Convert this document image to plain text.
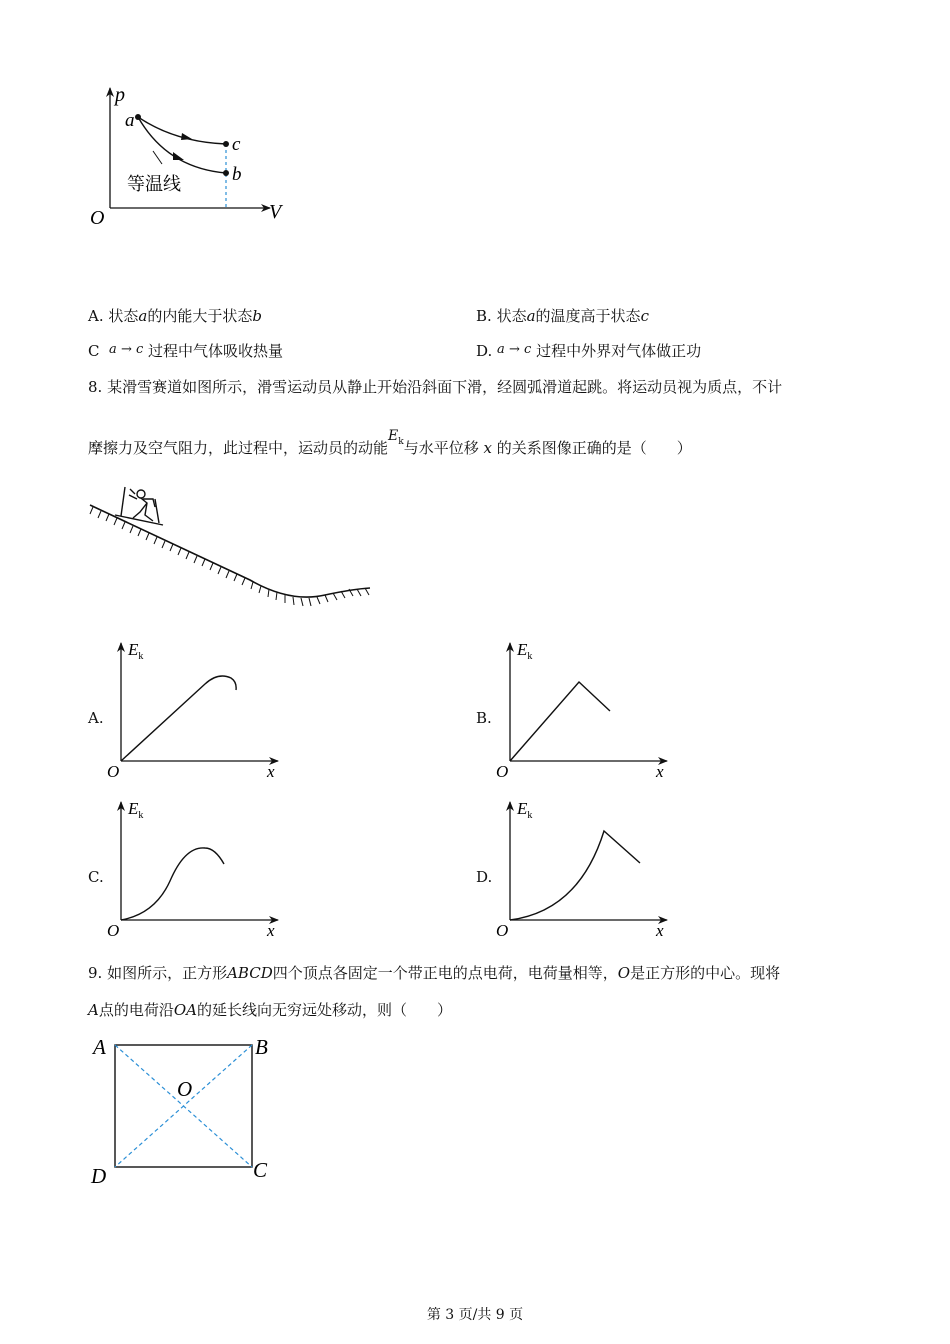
p
V
O
a
b
c
等温线
A. 状态a的内能大于状态b	B. 状态a的温度高于状态c
C a → c 过程中气体吸收热量	D. a → c 过程中外界对气体做正功
8. 某滑雪赛道如图所示，滑雪运动员从静止开始沿斜面下滑，经圆弧滑道起跳。将运动员视为质点，不计
摩擦力及空气阻力，此过程中，运动员的动能$E_k$与水平位移 x 的关系图像正确的是（　　）
A.
$E_k$
x
O
B.
$E_k$
x
O
C.
$E_k$
x
O
D.
$E_k$
x
O
9. 如图所示，正方形ABCD四个顶点各固定一个带正电的点电荷，电荷量相等，O是正方形的中心。现将
A点的电荷沿OA的延长线向无穷远处移动，则（　　）
A	B
C
D
O
第 3 页/共 9 页
